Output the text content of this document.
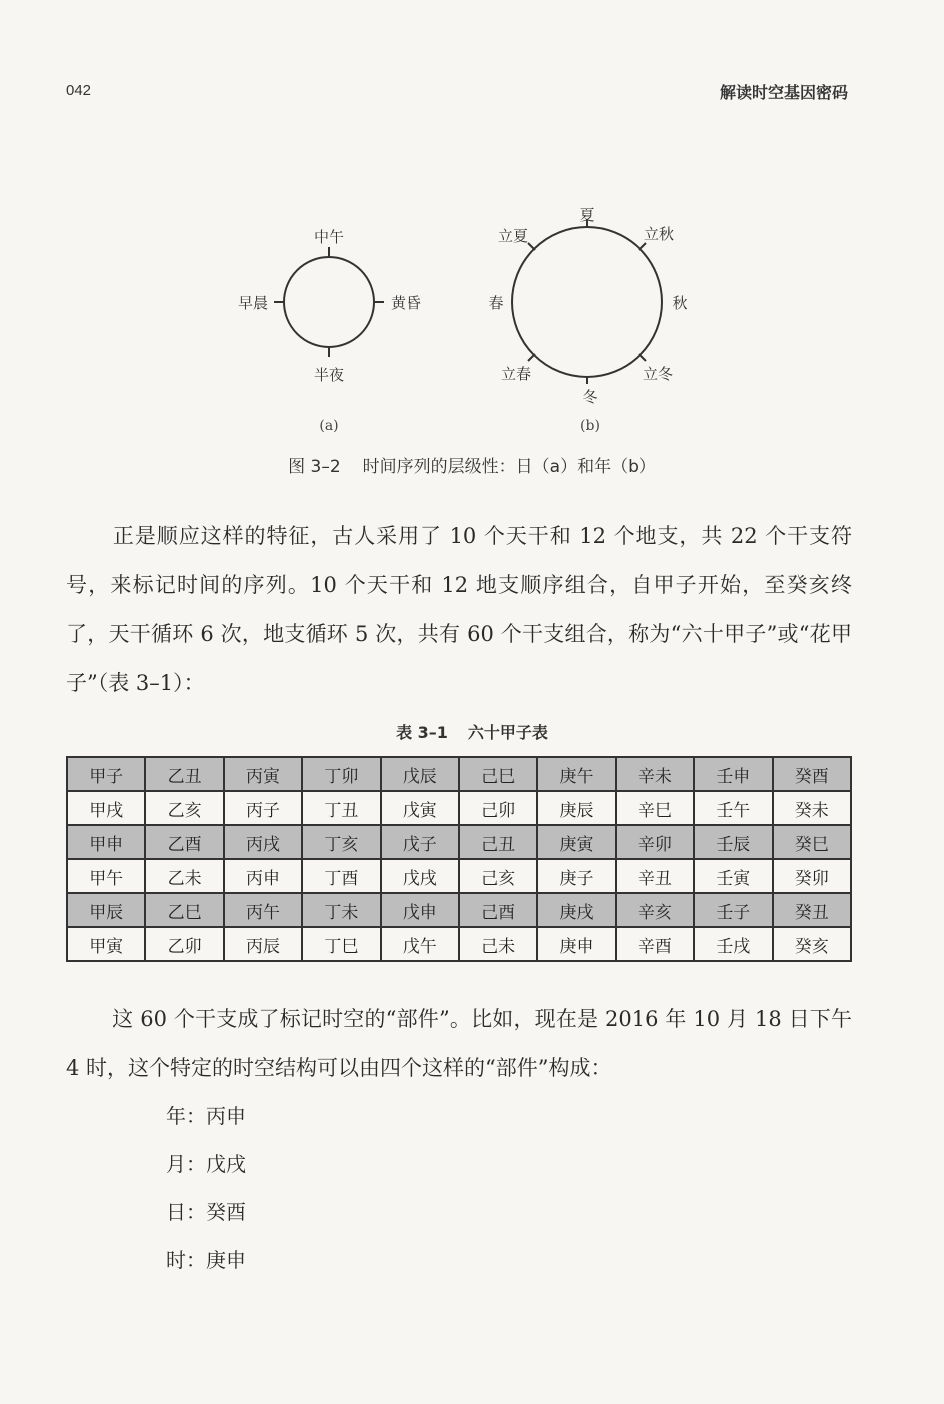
042	解读时空基因密码
中午
早晨	黄昏
半夜
(a)
夏
立夏	立秋
春	秋
立春	立冬
冬
(b)
图 3–2 时间序列的层级性：日（a）和年（b）
正是顺应这样的特征，古人采用了 10 个天干和 12 个地支，共 22 个干支符号，来标记时间的序列。10 个天干和 12 地支顺序组合，自甲子开始，至癸亥终了，天干循环 6 次，地支循环 5 次，共有 60 个干支组合，称为“六十甲子”或“花甲子”（表 3–1）：
表 3–1 六十甲子表
甲子	乙丑	丙寅	丁卯	戊辰	己巳	庚午	辛未	壬申	癸酉
甲戌	乙亥	丙子	丁丑	戊寅	己卯	庚辰	辛巳	壬午	癸未
甲申	乙酉	丙戌	丁亥	戊子	己丑	庚寅	辛卯	壬辰	癸巳
甲午	乙未	丙申	丁酉	戊戌	己亥	庚子	辛丑	壬寅	癸卯
甲辰	乙巳	丙午	丁未	戊申	己酉	庚戌	辛亥	壬子	癸丑
甲寅	乙卯	丙辰	丁巳	戊午	己未	庚申	辛酉	壬戌	癸亥
这 60 个干支成了标记时空的“部件”。比如，现在是 2016 年 10 月 18 日下午 4 时，这个特定的时空结构可以由四个这样的“部件”构成：
年：丙申
月：戊戌
日：癸酉
时：庚申
